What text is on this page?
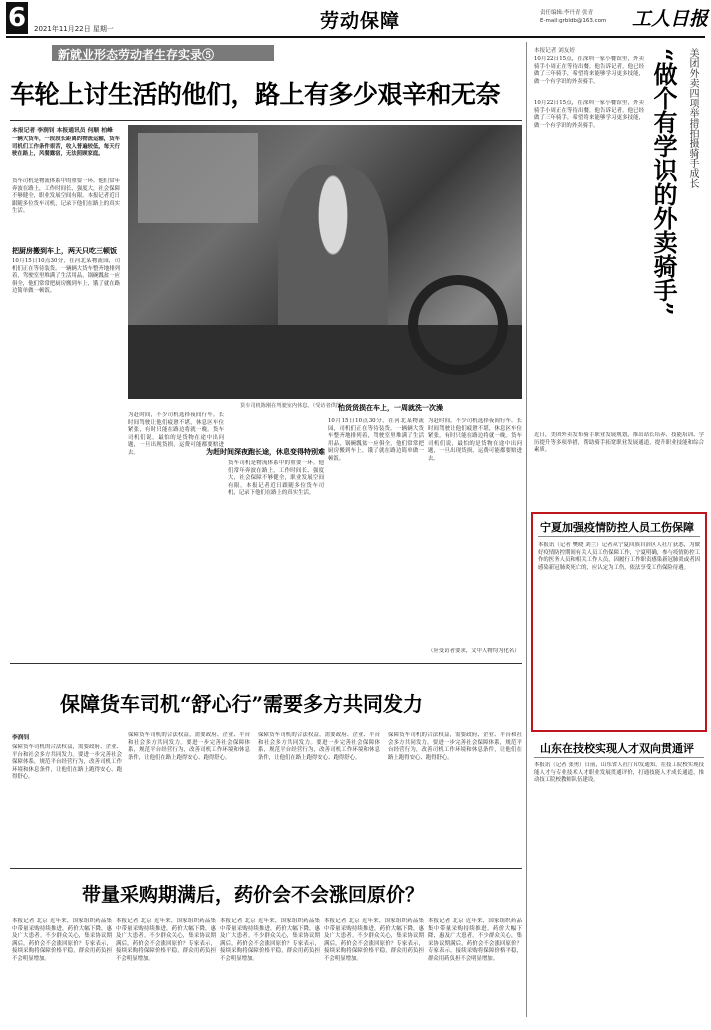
6 2021年11月22日 星期一	劳动保障	责任编辑:李丹青 张青
E-mail:grbldb@163.com 工人日报
新就业形态劳动者生存实录⑤
车轮上讨生活的他们，路上有多少艰辛和无奈
本报记者 李润钊 本报通讯员 何顺 柏峰
一辆大货车，一段段长距离的物流运输，货车司机们工作条件艰苦，收入普遍较低，每天行驶在路上，风餐露宿，无法照顾家庭。
货车司机是物流体系中的重要一环。他们常年奔波在路上，工作时间长、强度大，社会保障不够健全，职业发展空间有限。本报记者近日跟随多位货车司机，记录下他们在路上的真实生活。
把厨房搬到车上，两天只吃三顿饭
10月15日10点30分，在河北某物流园，司机们正在等待装货。一辆辆大货车整齐地排列着，驾驶室里堆满了生活用品，锅碗瓢盆一应俱全，他们常常把厨房搬到车上，饿了就在路边简单做一顿饭。
货车司机陈刚在驾驶室内休息。（受访者供图）
为赶时间深夜跑长途，休息变得特别难
怕货货损在车上，一周就洗一次澡
为赶时间，不少司机选择夜间行车。长时间驾驶让他们疲惫不堪，休息区车位紧张，有时只能在路边将就一晚。货车司机们说，最怕的是货物在途中出问题，一旦出现货损，运费可能都要赔进去。
货车司机是物流体系中的重要一环。他们常年奔波在路上，工作时间长、强度大，社会保障不够健全，职业发展空间有限。本报记者近日跟随多位货车司机，记录下他们在路上的真实生活。
10月15日10点30分，在河北某物流园，司机们正在等待装货。一辆辆大货车整齐地排列着，驾驶室里堆满了生活用品，锅碗瓢盆一应俱全，他们常常把厨房搬到车上，饿了就在路边简单做一顿饭。
为赶时间，不少司机选择夜间行车。长时间驾驶让他们疲惫不堪，休息区车位紧张，有时只能在路边将就一晚。货车司机们说，最怕的是货物在途中出问题，一旦出现货损，运费可能都要赔进去。
（应受访者要求，文中人物均为化名）
保障货车司机“舒心行”需要多方共同发力
李润钊
保障货车司机的合法权益，需要政府、企业、平台和社会多方共同发力。要进一步完善社会保障体系，规范平台经营行为，改善司机工作环境和休息条件，让他们在路上跑得安心、跑得舒心。
保障货车司机的合法权益，需要政府、企业、平台和社会多方共同发力。要进一步完善社会保障体系，规范平台经营行为，改善司机工作环境和休息条件，让他们在路上跑得安心、跑得舒心。
保障货车司机的合法权益，需要政府、企业、平台和社会多方共同发力。要进一步完善社会保障体系，规范平台经营行为，改善司机工作环境和休息条件，让他们在路上跑得安心、跑得舒心。
保障货车司机的合法权益，需要政府、企业、平台和社会多方共同发力。要进一步完善社会保障体系，规范平台经营行为，改善司机工作环境和休息条件，让他们在路上跑得安心、跑得舒心。
带量采购期满后，药价会不会涨回原价？
本报记者 北京 近年来，国家组织药品集中带量采购持续推进，药价大幅下降，惠及广大患者。不少群众关心，集采协议期满后，药价会不会涨回原价？专家表示，接续采购将保障价格平稳，群众用药负担不会明显增加。
本报记者 北京 近年来，国家组织药品集中带量采购持续推进，药价大幅下降，惠及广大患者。不少群众关心，集采协议期满后，药价会不会涨回原价？专家表示，接续采购将保障价格平稳，群众用药负担不会明显增加。
本报记者 北京 近年来，国家组织药品集中带量采购持续推进，药价大幅下降，惠及广大患者。不少群众关心，集采协议期满后，药价会不会涨回原价？专家表示，接续采购将保障价格平稳，群众用药负担不会明显增加。
本报记者 北京 近年来，国家组织药品集中带量采购持续推进，药价大幅下降，惠及广大患者。不少群众关心，集采协议期满后，药价会不会涨回原价？专家表示，接续采购将保障价格平稳，群众用药负担不会明显增加。
本报记者 北京 近年来，国家组织药品集中带量采购持续推进，药价大幅下降，惠及广大患者。不少群众关心，集采协议期满后，药价会不会涨回原价？专家表示，接续采购将保障价格平稳，群众用药负担不会明显增加。
本报记者 刘友婷
10月22日15点，在深圳一家小餐馆里，外卖骑手小周正在等待出餐。他告诉记者，他已经做了三年骑手，希望将来能够学习更多技能，做一个有学识的外卖骑手。	“做个有学识的外卖骑手” 美团外卖四项举措拍摄骑手成长
10月22日15点，在深圳一家小餐馆里，外卖骑手小周正在等待出餐。他告诉记者，他已经做了三年骑手，希望将来能够学习更多技能，做一个有学识的外卖骑手。
近日，美团外卖发布骑手职业发展规划，推出站长培养、技能培训、学历提升等多项举措，帮助骑手拓宽职业发展通道，提升职业技能和综合素质。
宁夏加强疫情防控人员工伤保障
本报讯（记者 樊晓 刘兰）记者从宁夏回族自治区人社厅获悉，为做好疫情防控期间有关人员工伤保障工作，宁夏明确，参与疫情防控工作的医务人员和相关工作人员，因履行工作职责感染新冠肺炎或者因感染新冠肺炎死亡的，应认定为工伤，依法享受工伤保险待遇。
山东在技校实现人才双向贯通评
本报讯（记者 张勇）日前，山东省人社厅印发通知，在技工院校实现技能人才与专业技术人才职业发展贯通评价，打通技能人才成长通道，推动技工院校教师队伍建设。
